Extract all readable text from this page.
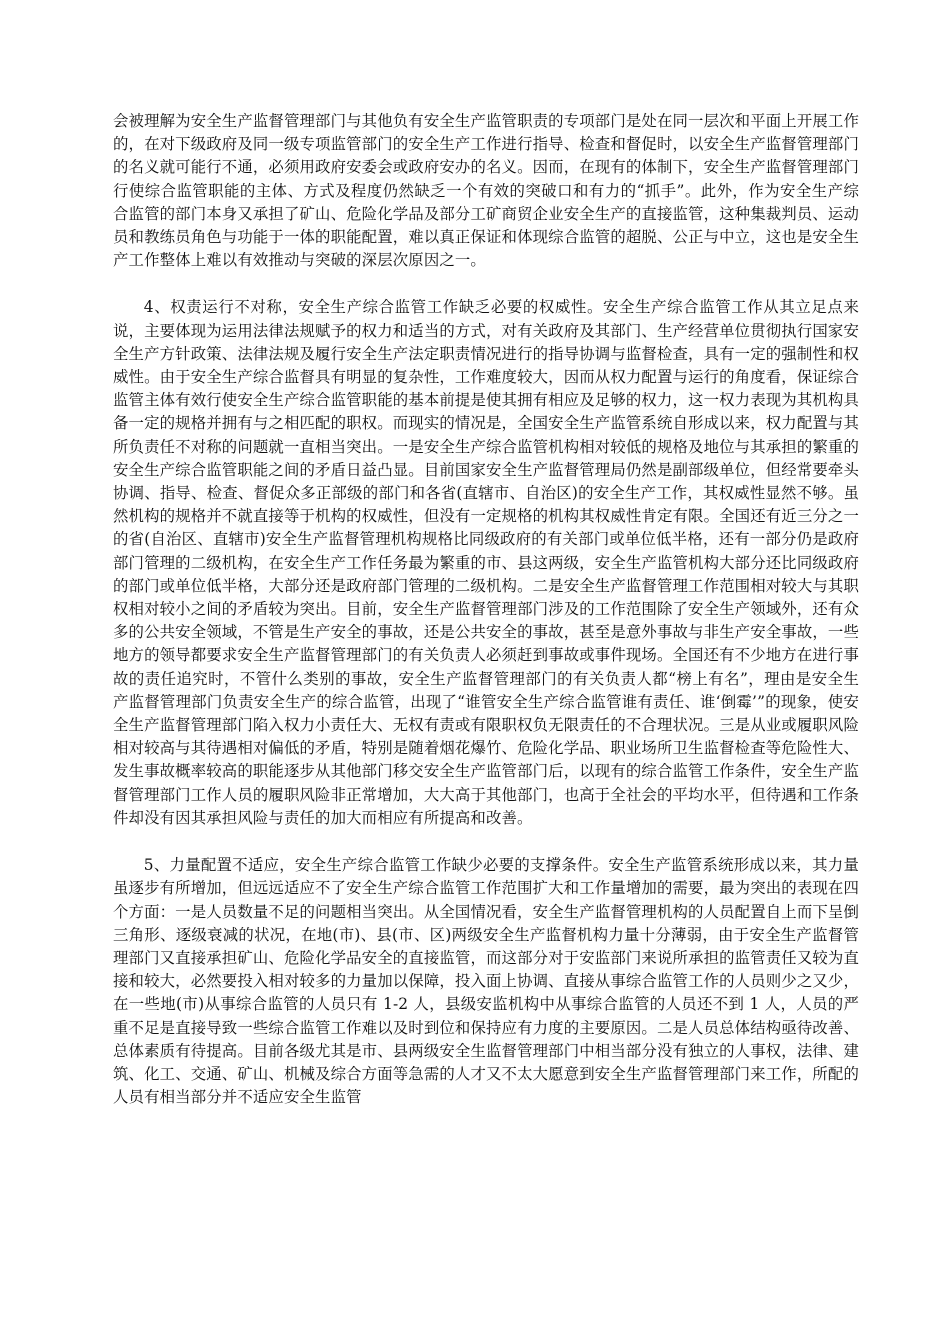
会被理解为安全生产监督管理部门与其他负有安全生产监管职责的专项部门是处在同一层次和平面上开展工作的，在对下级政府及同一级专项监管部门的安全生产工作进行指导、检查和督促时，以安全生产监督管理部门的名义就可能行不通，必须用政府安委会或政府安办的名义。因而，在现有的体制下，安全生产监督管理部门行使综合监管职能的主体、方式及程度仍然缺乏一个有效的突破口和有力的“抓手”。此外，作为安全生产综合监管的部门本身又承担了矿山、危险化学品及部分工矿商贸企业安全生产的直接监管，这种集裁判员、运动员和教练员角色与功能于一体的职能配置，难以真正保证和体现综合监管的超脱、公正与中立，这也是安全生产工作整体上难以有效推动与突破的深层次原因之一。

4、权责运行不对称，安全生产综合监管工作缺乏必要的权威性。安全生产综合监管工作从其立足点来说，主要体现为运用法律法规赋予的权力和适当的方式，对有关政府及其部门、生产经营单位贯彻执行国家安全生产方针政策、法律法规及履行安全生产法定职责情况进行的指导协调与监督检查，具有一定的强制性和权威性。由于安全生产综合监督具有明显的复杂性，工作难度较大，因而从权力配置与运行的角度看，保证综合监管主体有效行使安全生产综合监管职能的基本前提是使其拥有相应及足够的权力，这一权力表现为其机构具备一定的规格并拥有与之相匹配的职权。而现实的情况是，全国安全生产监管系统自形成以来，权力配置与其所负责任不对称的问题就一直相当突出。一是安全生产综合监管机构相对较低的规格及地位与其承担的繁重的安全生产综合监管职能之间的矛盾日益凸显。目前国家安全生产监督管理局仍然是副部级单位，但经常要牵头协调、指导、检查、督促众多正部级的部门和各省(直辖市、自治区)的安全生产工作，其权威性显然不够。虽然机构的规格并不就直接等于机构的权威性，但没有一定规格的机构其权威性肯定有限。全国还有近三分之一的省(自治区、直辖市)安全生产监督管理机构规格比同级政府的有关部门或单位低半格，还有一部分仍是政府部门管理的二级机构，在安全生产工作任务最为繁重的市、县这两级，安全生产监管机构大部分还比同级政府的部门或单位低半格，大部分还是政府部门管理的二级机构。二是安全生产监督管理工作范围相对较大与其职权相对较小之间的矛盾较为突出。目前，安全生产监督管理部门涉及的工作范围除了安全生产领域外，还有众多的公共安全领域，不管是生产安全的事故，还是公共安全的事故，甚至是意外事故与非生产安全事故，一些地方的领导都要求安全生产监督管理部门的有关负责人必须赶到事故或事件现场。全国还有不少地方在进行事故的责任追究时，不管什么类别的事故，安全生产监督管理部门的有关负责人都“榜上有名”，理由是安全生产监督管理部门负责安全生产的综合监管，出现了“谁管安全生产综合监管谁有责任、谁‘倒霉’”的现象，使安全生产监督管理部门陷入权力小责任大、无权有责或有限职权负无限责任的不合理状况。三是从业或履职风险相对较高与其待遇相对偏低的矛盾，特别是随着烟花爆竹、危险化学品、职业场所卫生监督检查等危险性大、发生事故概率较高的职能逐步从其他部门移交安全生产监管部门后，以现有的综合监管工作条件，安全生产监督管理部门工作人员的履职风险非正常增加，大大高于其他部门，也高于全社会的平均水平，但待遇和工作条件却没有因其承担风险与责任的加大而相应有所提高和改善。

5、力量配置不适应，安全生产综合监管工作缺少必要的支撑条件。安全生产监管系统形成以来，其力量虽逐步有所增加，但远远适应不了安全生产综合监管工作范围扩大和工作量增加的需要，最为突出的表现在四个方面：一是人员数量不足的问题相当突出。从全国情况看，安全生产监督管理机构的人员配置自上而下呈倒三角形、逐级衰减的状况，在地(市)、县(市、区)两级安全生产监督机构力量十分薄弱，由于安全生产监督管理部门又直接承担矿山、危险化学品安全的直接监管，而这部分对于安监部门来说所承担的监管责任又较为直接和较大，必然要投入相对较多的力量加以保障，投入面上协调、直接从事综合监管工作的人员则少之又少，在一些地(市)从事综合监管的人员只有 1-2 人，县级安监机构中从事综合监管的人员还不到 1 人，人员的严重不足是直接导致一些综合监管工作难以及时到位和保持应有力度的主要原因。二是人员总体结构亟待改善、总体素质有待提高。目前各级尤其是市、县两级安全生监督管理部门中相当部分没有独立的人事权，法律、建筑、化工、交通、矿山、机械及综合方面等急需的人才又不太大愿意到安全生产监督管理部门来工作，所配的人员有相当部分并不适应安全生监管
